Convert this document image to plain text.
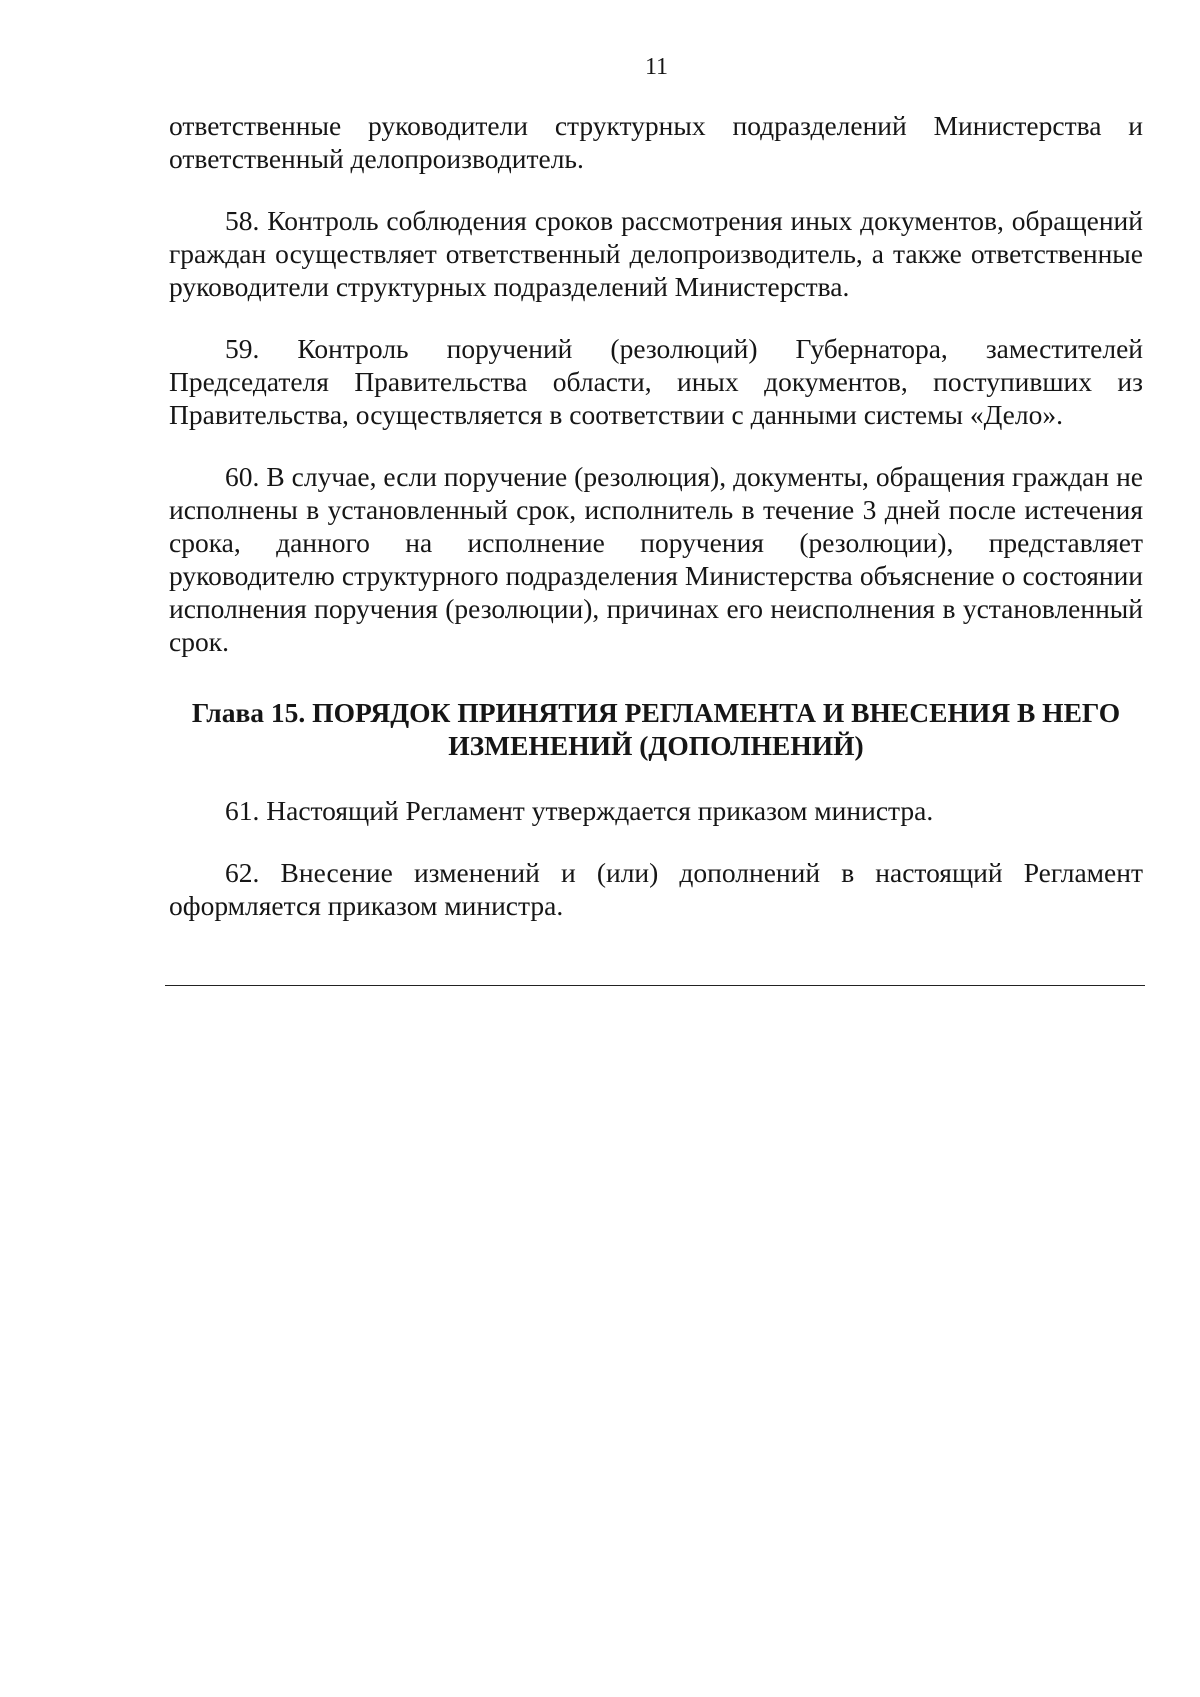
11

ответственные руководители структурных подразделений Министерства и ответственный делопроизводитель.

58. Контроль соблюдения сроков рассмотрения иных документов, обращений граждан осуществляет ответственный делопроизводитель, а также ответственные руководители структурных подразделений Министерства.

59. Контроль поручений (резолюций) Губернатора, заместителей Председателя Правительства области, иных документов, поступивших из Правительства, осуществляется в соответствии с данными системы «Дело».

60. В случае, если поручение (резолюция), документы, обращения граждан не исполнены в установленный срок, исполнитель в течение 3 дней после истечения срока, данного на исполнение поручения (резолюции), представляет руководителю структурного подразделения Министерства объяснение о состоянии исполнения поручения (резолюции), причинах его неисполнения в установленный срок.

Глава 15. ПОРЯДОК ПРИНЯТИЯ РЕГЛАМЕНТА И ВНЕСЕНИЯ В НЕГО
ИЗМЕНЕНИЙ (ДОПОЛНЕНИЙ)

61. Настоящий Регламент утверждается приказом министра.

62. Внесение изменений и (или) дополнений в настоящий Регламент оформляется приказом министра.
